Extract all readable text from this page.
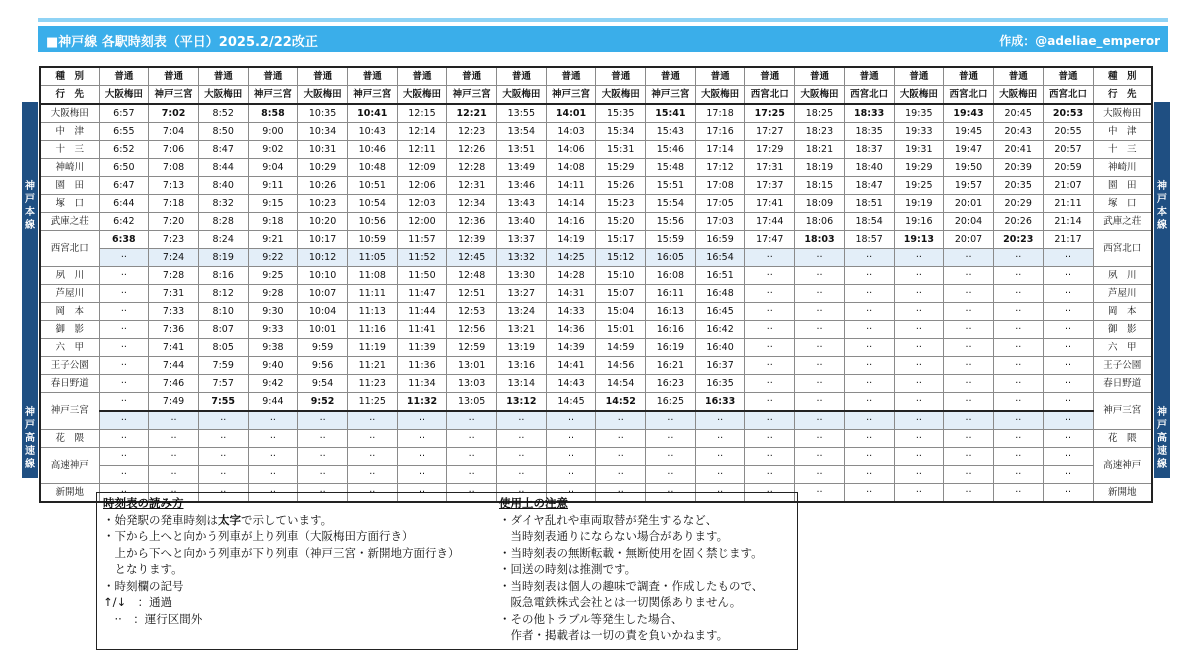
■神戸線 各駅時刻表（平日）2025.2/22改正	作成：@adeliae_emperor
神戸本線
神戸高速線
神戸本線
神戸高速線
種　別	普通	普通	普通	普通	普通	普通	普通	普通	普通	普通	普通	普通	普通	普通	普通	普通	普通	普通	普通	普通	種　別
行　先	大阪梅田	神戸三宮	大阪梅田	神戸三宮	大阪梅田	神戸三宮	大阪梅田	神戸三宮	大阪梅田	神戸三宮	大阪梅田	神戸三宮	大阪梅田	西宮北口	大阪梅田	西宮北口	大阪梅田	西宮北口	大阪梅田	西宮北口	行　先
大阪梅田	6:57	7:02	8:52	8:58	10:35	10:41	12:15	12:21	13:55	14:01	15:35	15:41	17:18	17:25	18:25	18:33	19:35	19:43	20:45	20:53	大阪梅田
中　津	6:55	7:04	8:50	9:00	10:34	10:43	12:14	12:23	13:54	14:03	15:34	15:43	17:16	17:27	18:23	18:35	19:33	19:45	20:43	20:55	中　津
十　三	6:52	7:06	8:47	9:02	10:31	10:46	12:11	12:26	13:51	14:06	15:31	15:46	17:14	17:29	18:21	18:37	19:31	19:47	20:41	20:57	十　三
神崎川	6:50	7:08	8:44	9:04	10:29	10:48	12:09	12:28	13:49	14:08	15:29	15:48	17:12	17:31	18:19	18:40	19:29	19:50	20:39	20:59	神崎川
園　田	6:47	7:13	8:40	9:11	10:26	10:51	12:06	12:31	13:46	14:11	15:26	15:51	17:08	17:37	18:15	18:47	19:25	19:57	20:35	21:07	園　田
塚　口	6:44	7:18	8:32	9:15	10:23	10:54	12:03	12:34	13:43	14:14	15:23	15:54	17:05	17:41	18:09	18:51	19:19	20:01	20:29	21:11	塚　口
武庫之荘	6:42	7:20	8:28	9:18	10:20	10:56	12:00	12:36	13:40	14:16	15:20	15:56	17:03	17:44	18:06	18:54	19:16	20:04	20:26	21:14	武庫之荘
西宮北口	6:38	7:23	8:24	9:21	10:17	10:59	11:57	12:39	13:37	14:19	15:17	15:59	16:59	17:47	18:03	18:57	19:13	20:07	20:23	21:17	西宮北口
	··	7:24	8:19	9:22	10:12	11:05	11:52	12:45	13:32	14:25	15:12	16:05	16:54	··	··	··	··	··	··	··	
夙　川	··	7:28	8:16	9:25	10:10	11:08	11:50	12:48	13:30	14:28	15:10	16:08	16:51	··	··	··	··	··	··	··	夙　川
芦屋川	··	7:31	8:12	9:28	10:07	11:11	11:47	12:51	13:27	14:31	15:07	16:11	16:48	··	··	··	··	··	··	··	芦屋川
岡　本	··	7:33	8:10	9:30	10:04	11:13	11:44	12:53	13:24	14:33	15:04	16:13	16:45	··	··	··	··	··	··	··	岡　本
御　影	··	7:36	8:07	9:33	10:01	11:16	11:41	12:56	13:21	14:36	15:01	16:16	16:42	··	··	··	··	··	··	··	御　影
六　甲	··	7:41	8:05	9:38	9:59	11:19	11:39	12:59	13:19	14:39	14:59	16:19	16:40	··	··	··	··	··	··	··	六　甲
王子公園	··	7:44	7:59	9:40	9:56	11:21	11:36	13:01	13:16	14:41	14:56	16:21	16:37	··	··	··	··	··	··	··	王子公園
春日野道	··	7:46	7:57	9:42	9:54	11:23	11:34	13:03	13:14	14:43	14:54	16:23	16:35	··	··	··	··	··	··	··	春日野道
神戸三宮	··	7:49	7:55	9:44	9:52	11:25	11:32	13:05	13:12	14:45	14:52	16:25	16:33	··	··	··	··	··	··	··	神戸三宮
	··	··	··	··	··	··	··	··	··	··	··	··	··	··	··	··	··	··	··	··	
花　隈	··	··	··	··	··	··	··	··	··	··	··	··	··	··	··	··	··	··	··	··	花　隈
高速神戸	··	··	··	··	··	··	··	··	··	··	··	··	··	··	··	··	··	··	··	··	高速神戸
	··	··	··	··	··	··	··	··	··	··	··	··	··	··	··	··	··	··	··	··	
新開地	··	··	··	··	··	··	··	··	··	··	··	··	··	··	··	··	··	··	··	··	新開地
時刻表の読み方
・始発駅の発車時刻は太字で示しています。
・下から上へと向かう列車が上り列車（大阪梅田方面行き）
　上から下へと向かう列車が下り列車（神戸三宮・新開地方面行き）
　となります。
・時刻欄の記号
↑/↓　：通過
　··　：運行区間外
使用上の注意
・ダイヤ乱れや車両取替が発生するなど、
　当時刻表通りにならない場合があります。
・当時刻表の無断転載・無断使用を固く禁じます。
・回送の時刻は推測です。
・当時刻表は個人の趣味で調査・作成したもので、
　阪急電鉄株式会社とは一切関係ありません。
・その他トラブル等発生した場合、
　作者・掲載者は一切の責を負いかねます。
